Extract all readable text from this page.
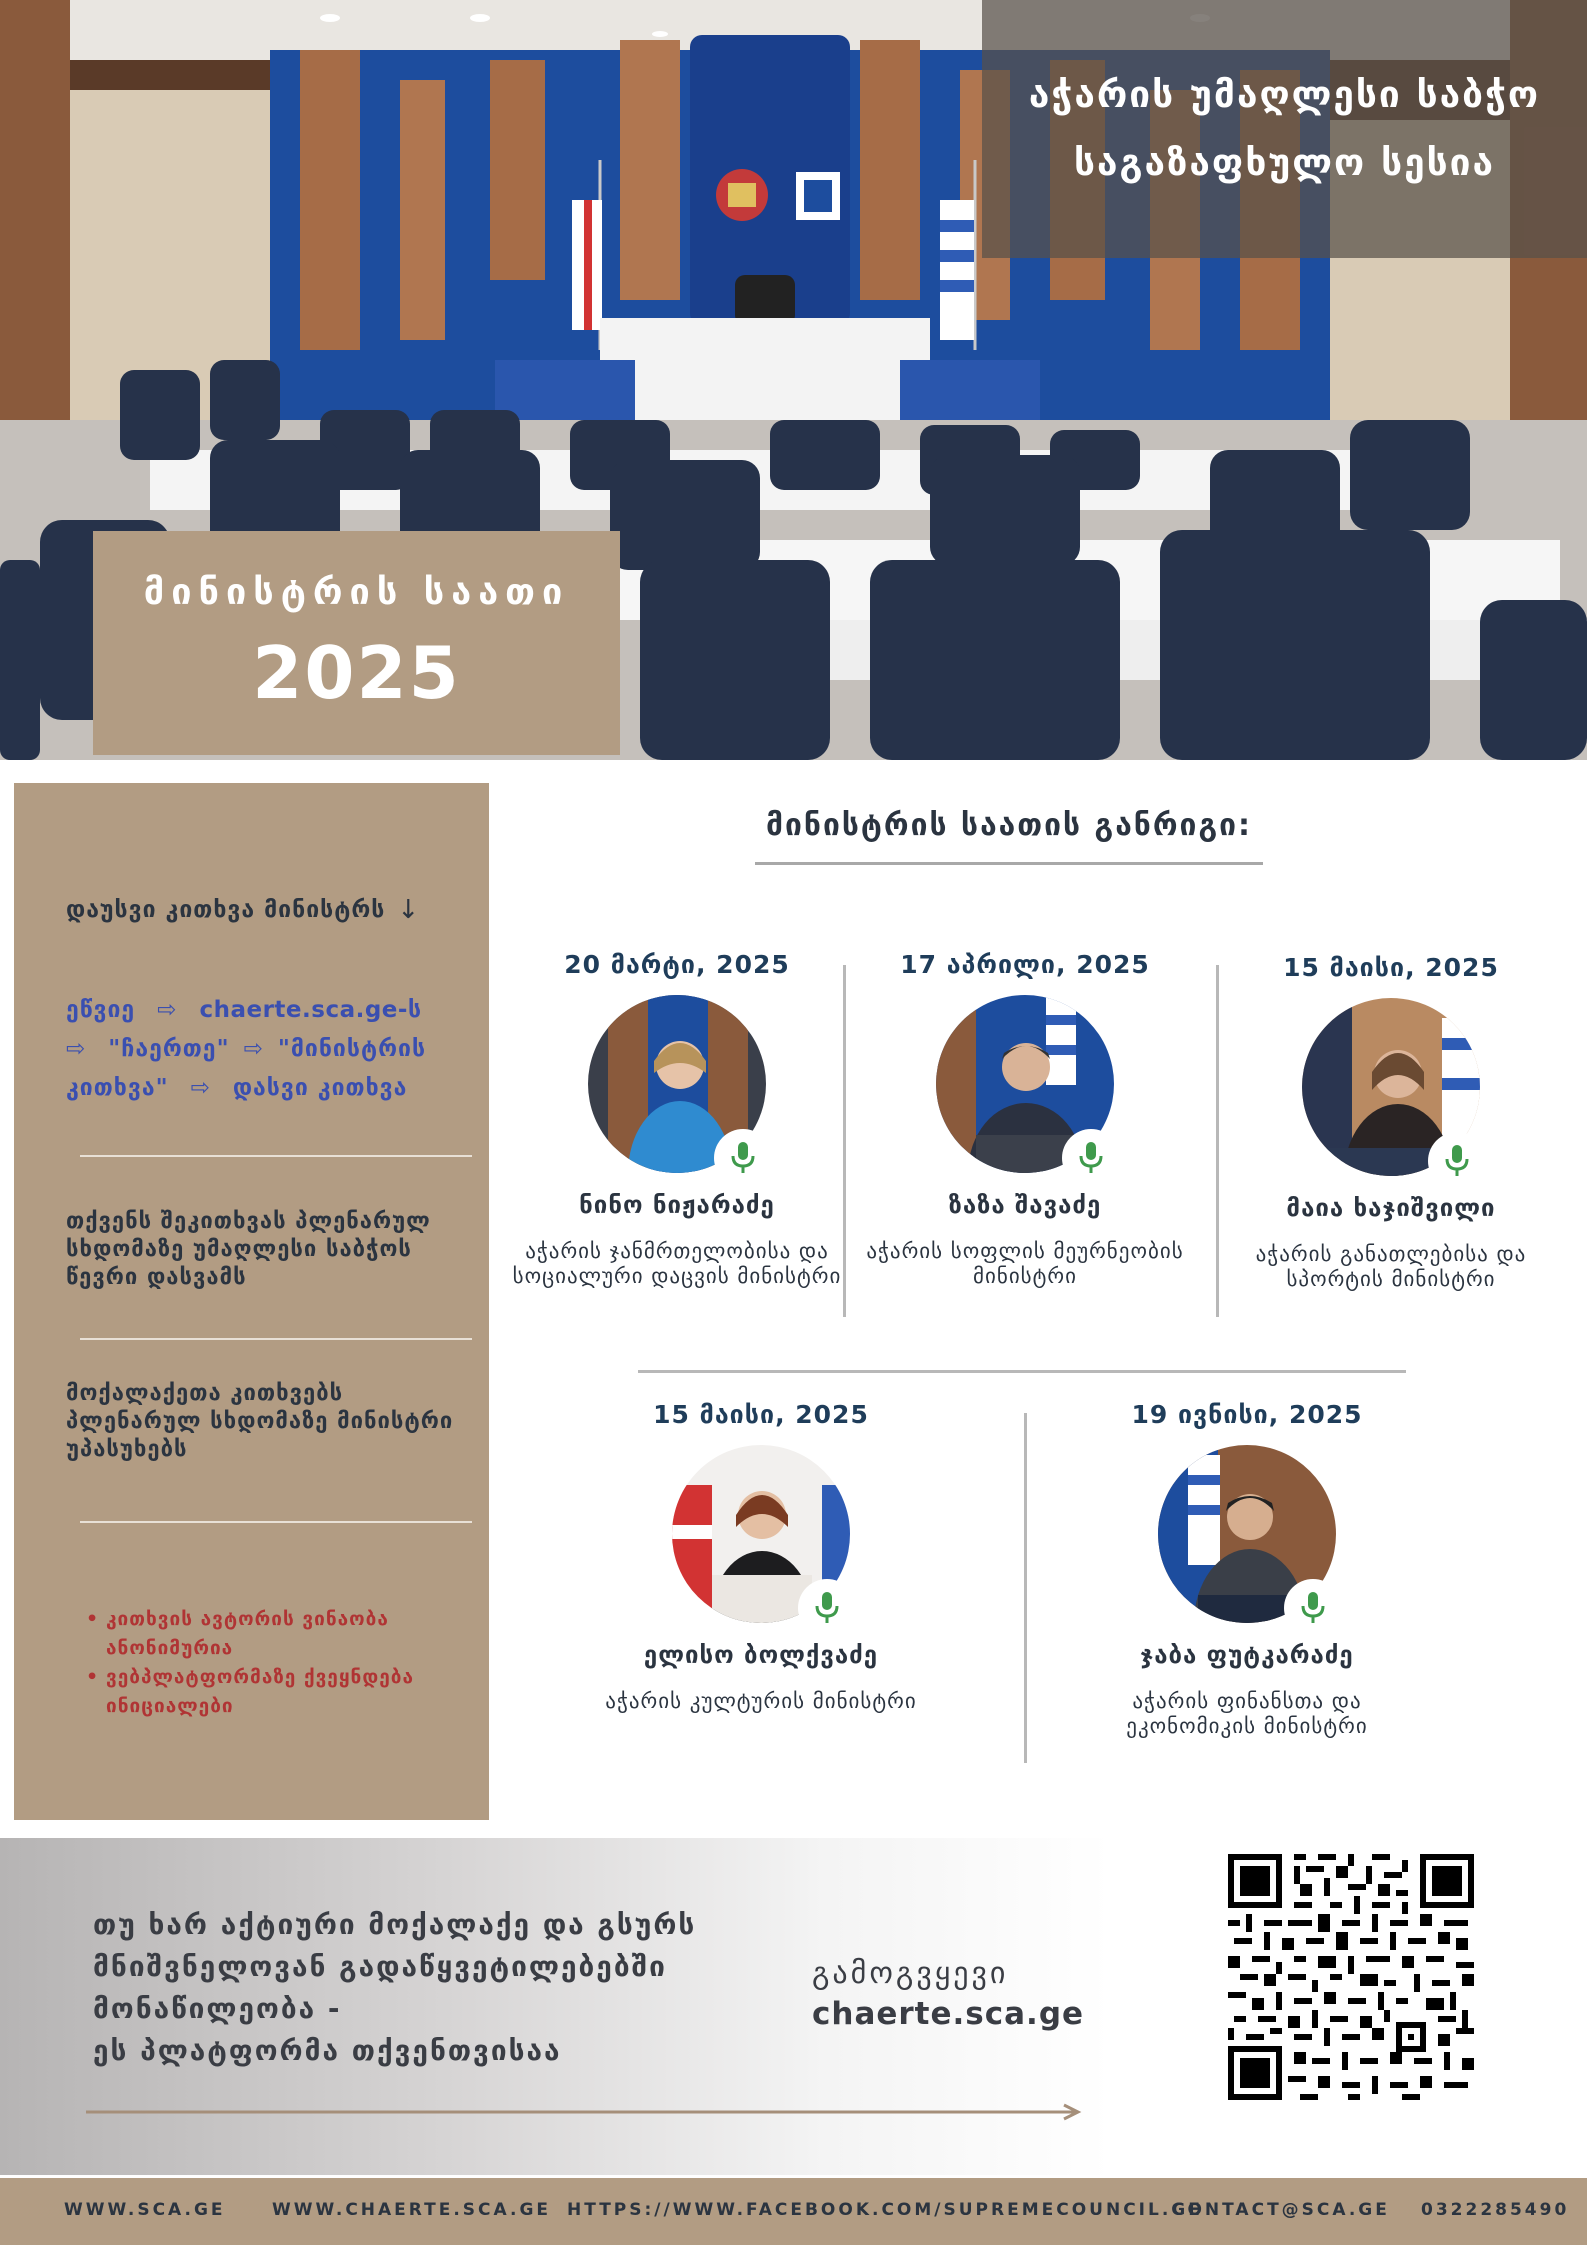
აჭარის უმაღლესი საბჭო
საგაზაფხულო სესია
მინისტრის საათი
2025
დაუსვი კითხვა მინისტრს ↓
ეწვიე ⇨ chaerte.sca.ge-ს
⇨ "ჩაერთე" ⇨ "მინისტრის
კითხვა" ⇨ დასვი კითხვა
თქვენს შეკითხვას პლენარულ სხდომაზე უმაღლესი საბჭოს წევრი დასვამს
მოქალაქეთა კითხვებს პლენარულ სხდომაზე მინისტრი უპასუხებს
• კითხვის ავტორის ვინაობა ანონიმურია
• ვებპლატფორმაზე ქვეყნდება ინიციალები
მინისტრის საათის განრიგი:
20 მარტი, 2025
ნინო ნიჟარაძე
აჭარის ჯანმრთელობისა და სოციალური დაცვის მინისტრი
17 აპრილი, 2025
ზაზა შავაძე
აჭარის სოფლის მეურნეობის მინისტრი
15 მაისი, 2025
მაია ხაჯიშვილი
აჭარის განათლებისა და სპორტის მინისტრი
15 მაისი, 2025
ელისო ბოლქვაძე
აჭარის კულტურის მინისტრი
19 ივნისი, 2025
ჯაბა ფუტკარაძე
აჭარის ფინანსთა და ეკონომიკის მინისტრი
თუ ხარ აქტიური მოქალაქე და გსურს
მნიშვნელოვან გადაწყვეტილებებში
მონაწილეობა -
ეს პლატფორმა თქვენთვისაა
გამოგვყევი
chaerte.sca.ge
WWW.SCA.GE	WWW.CHAERTE.SCA.GE HTTPS://WWW.FACEBOOK.COM/SUPREMECOUNCIL.GE
CONTACT@SCA.GE 0322285490
